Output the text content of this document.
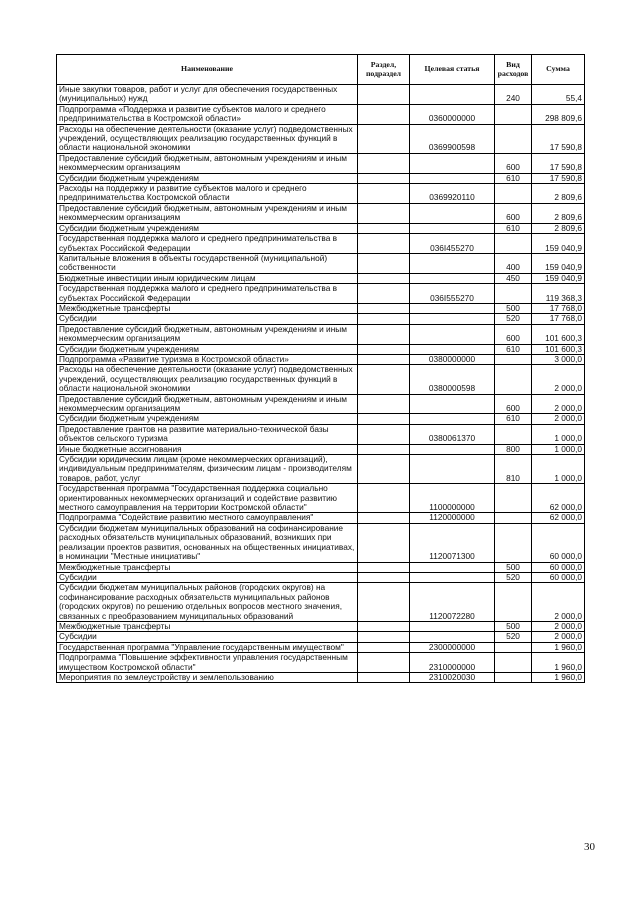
Наименование	Раздел, подраздел	Целевая статья	Вид расходов	Сумма
Иные закупки товаров, работ и услуг для обеспечения государственных (муниципальных) нужд			240	55,4
Подпрограмма «Поддержка и развитие субъектов малого и среднего предпринимательства в Костромской области»		0360000000		298 809,6
Расходы на обеспечение деятельности (оказание услуг) подведомственных учреждений, осуществляющих реализацию государственных функций в области национальной экономики		0369900598		17 590,8
Предоставление субсидий бюджетным, автономным учреждениям и иным некоммерческим организациям			600	17 590,8
Субсидии бюджетным учреждениям			610	17 590,8
Расходы на поддержку и развитие субъектов малого и среднего предпринимательства Костромской области		0369920110		2 809,6
Предоставление субсидий бюджетным, автономным учреждениям и иным некоммерческим организациям			600	2 809,6
Субсидии бюджетным учреждениям			610	2 809,6
Государственная поддержка малого и среднего предпринимательства в субъектах Российской Федерации		036I455270		159 040,9
Капитальные вложения в объекты государственной (муниципальной) собственности			400	159 040,9
Бюджетные инвестиции иным юридическим лицам			450	159 040,9
Государственная поддержка малого и среднего предпринимательства в субъектах Российской Федерации		036I555270		119 368,3
Межбюджетные трансферты			500	17 768,0
Субсидии			520	17 768,0
Предоставление субсидий бюджетным, автономным учреждениям и иным некоммерческим организациям			600	101 600,3
Субсидии бюджетным учреждениям			610	101 600,3
Подпрограмма «Развитие туризма в Костромской области»		0380000000		3 000,0
Расходы на обеспечение деятельности (оказание услуг) подведомственных учреждений, осуществляющих реализацию государственных функций в области национальной экономики		0380000598		2 000,0
Предоставление субсидий бюджетным, автономным учреждениям и иным некоммерческим организациям			600	2 000,0
Субсидии бюджетным учреждениям			610	2 000,0
Предоставление грантов на развитие материально-технической базы объектов сельского туризма		0380061370		1 000,0
Иные бюджетные ассигнования			800	1 000,0
Субсидии юридическим лицам (кроме некоммерческих организаций), индивидуальным предпринимателям, физическим лицам - производителям товаров, работ, услуг			810	1 000,0
Государственная программа "Государственная поддержка социально ориентированных некоммерческих организаций и содействие развитию местного самоуправления на территории Костромской области"		1100000000		62 000,0
Подпрограмма "Содействие развитию местного самоуправления"		1120000000		62 000,0
Субсидии бюджетам муниципальных образований на софинансирование расходных обязательств муниципальных образований, возникших при реализации проектов развития, основанных на общественных инициативах, в номинации "Местные инициативы"		1120071300		60 000,0
Межбюджетные трансферты			500	60 000,0
Субсидии			520	60 000,0
Субсидии бюджетам муниципальных районов (городских округов) на софинансирование расходных обязательств муниципальных районов (городских округов) по решению отдельных вопросов местного значения, связанных с преобразованием муниципальных образований		1120072280		2 000,0
Межбюджетные трансферты			500	2 000,0
Субсидии			520	2 000,0
Государственная программа "Управление государственным имуществом"		2300000000		1 960,0
Подпрограмма "Повышение эффективности управления государственным имуществом Костромской области"		2310000000		1 960,0
Мероприятия по землеустройству и землепользованию		2310020030		1 960,0
30
